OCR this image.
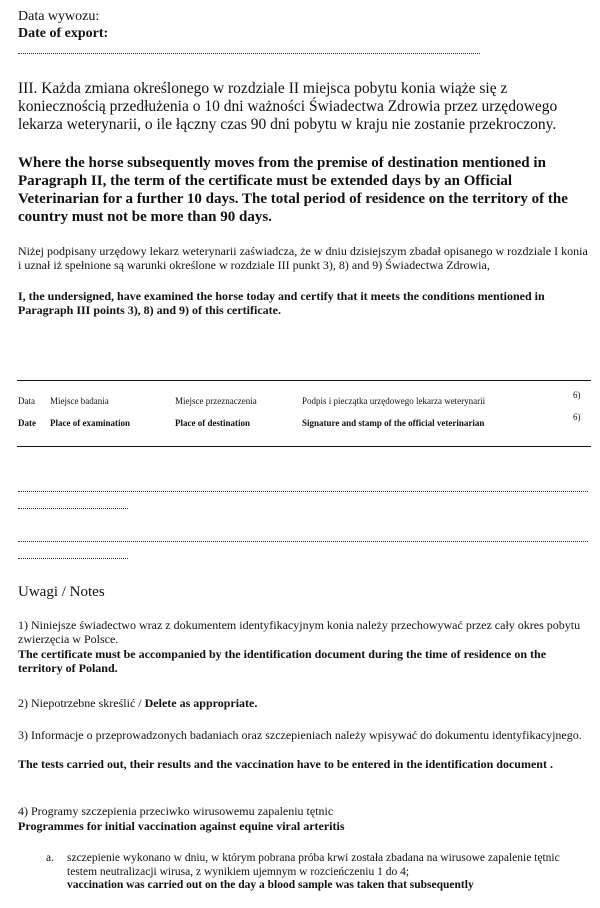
Data wywozu:
Date of export:
III. Każda zmiana określonego w rozdziale II miejsca pobytu konia wiąże się z koniecznością przedłużenia o 10 dni ważności Świadectwa Zdrowia przez urzędowego lekarza weterynarii, o ile łączny czas 90 dni pobytu w kraju nie zostanie przekroczony.
Where the horse subsequently moves from the premise of destination mentioned in Paragraph II, the term of the certificate must be extended days by an Official Veterinarian for a further 10 days. The total period of residence on the territory of the country must not be more than 90 days.
Niżej podpisany urzędowy lekarz weterynarii zaświadcza, że w dniu dzisiejszym zbadał opisanego w rozdziale I konia i uznał iż spełnione są warunki określone w rozdziale III punkt 3), 8) and 9) Świadectwa Zdrowia,
I, the undersigned, have examined the horse today and certify that it meets the conditions mentioned in Paragraph III points 3), 8) and 9) of this certificate.
Data Miejsce badania	Miejsce przeznaczenia	Podpis i pieczątka urzędowego lekarza weterynarii
6)
Date Place of examination	Place of destination	Signature and stamp of the official veterinarian
6)
Uwagi / Notes
1) Niniejsze świadectwo wraz z dokumentem identyfikacyjnym konia należy przechowywać przez cały okres pobytu zwierzęcia w Polsce.
The certificate must be accompanied by the identification document during the time of residence on the territory of Poland.
2) Niepotrzebne skreślić / Delete as appropriate.
3) Informacje o przeprowadzonych badaniach oraz szczepieniach należy wpisywać do dokumentu identyfikacyjnego.
The tests carried out, their results and the vaccination have to be entered in the identification document .
4) Programy szczepienia przeciwko wirusowemu zapaleniu tętnic
Programmes for initial vaccination against equine viral arteritis
a. szczepienie wykonano w dniu, w którym pobrana próba krwi została zbadana na wirusowe zapalenie tętnic testem neutralizacji wirusa, z wynikiem ujemnym w rozcieńczeniu 1 do 4;
vaccination was carried out on the day a blood sample was taken that subsequently
